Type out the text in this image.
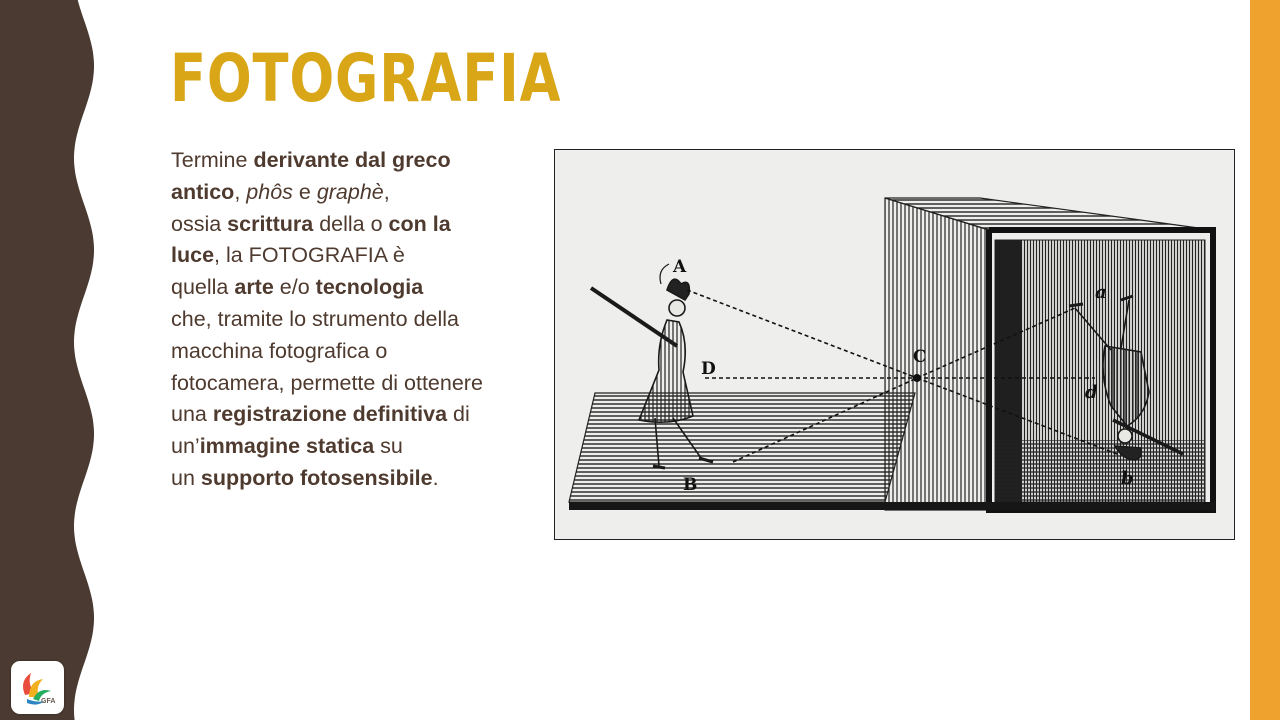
FOTOGRAFIA
Termine derivante dal greco
antico, phôs e graphè,
ossia scrittura della o con la
luce, la FOTOGRAFIA è
quella arte e/o tecnologia
che, tramite lo strumento della
macchina fotografica o
fotocamera, permette di ottenere
una registrazione definitiva di
un’immagine statica su
un supporto fotosensibile.
A
B
C
D
a
d
b
GFA
